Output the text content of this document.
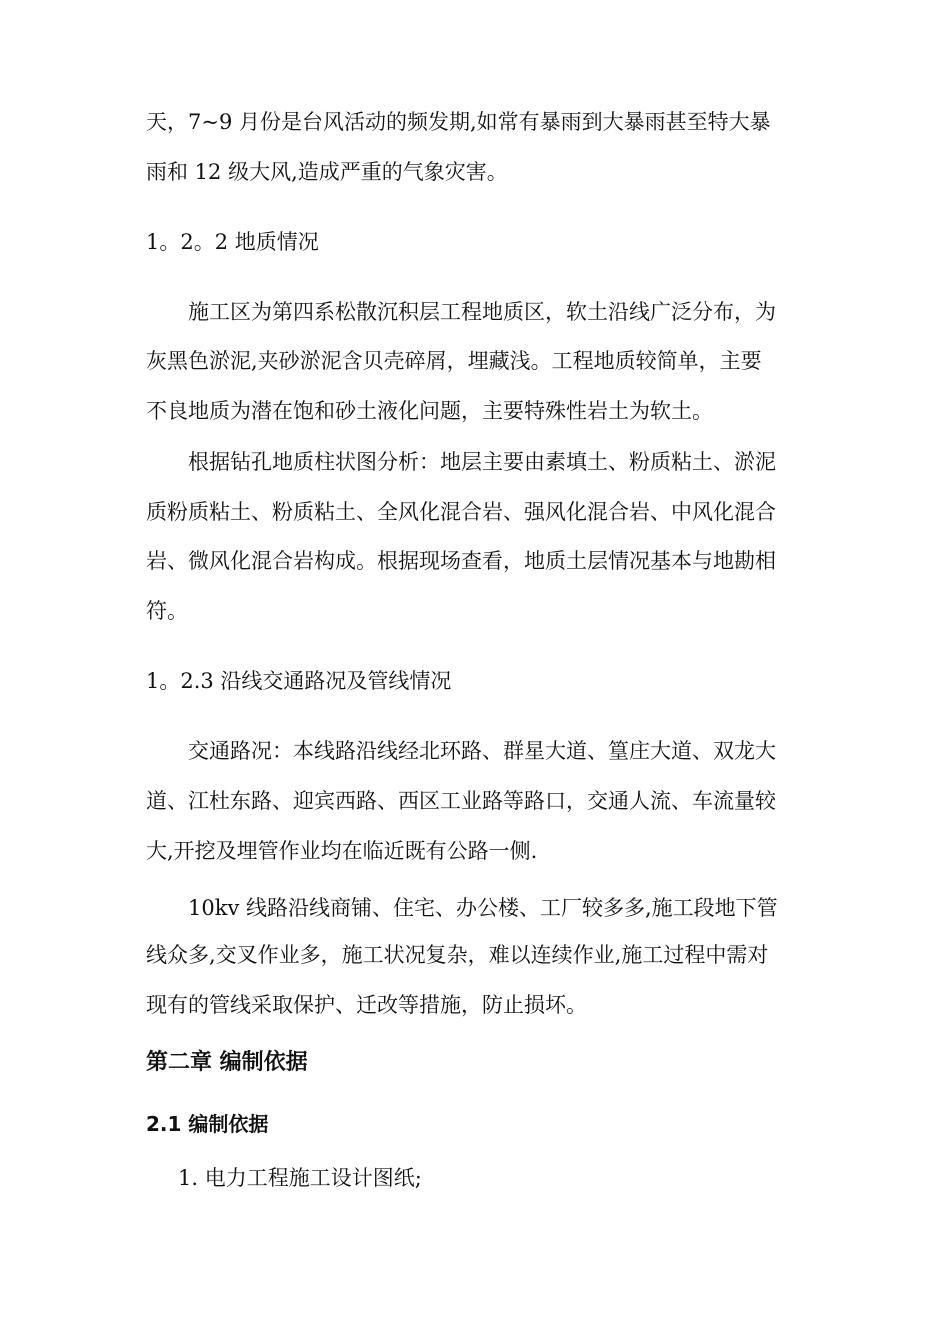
天，7~9 月份是台风活动的频发期,如常有暴雨到大暴雨甚至特大暴
雨和 12 级大风,造成严重的气象灾害。
1。2。2 地质情况
施工区为第四系松散沉积层工程地质区，软土沿线广泛分布，为
灰黑色淤泥,夹砂淤泥含贝壳碎屑，埋藏浅。工程地质较简单，主要
不良地质为潜在饱和砂土液化问题，主要特殊性岩土为软土。
根据钻孔地质柱状图分析：地层主要由素填土、粉质粘土、淤泥
质粉质粘土、粉质粘土、全风化混合岩、强风化混合岩、中风化混合
岩、微风化混合岩构成。根据现场查看，地质土层情况基本与地勘相
符。
1。2.3 沿线交通路况及管线情况
交通路况：本线路沿线经北环路、群星大道、篁庄大道、双龙大
道、江杜东路、迎宾西路、西区工业路等路口，交通人流、车流量较
大,开挖及埋管作业均在临近既有公路一侧.
10kv 线路沿线商铺、住宅、办公楼、工厂较多多,施工段地下管
线众多,交叉作业多，施工状况复杂，难以连续作业,施工过程中需对
现有的管线采取保护、迁改等措施，防止损坏。
第二章 编制依据
2.1 编制依据
1. 电力工程施工设计图纸;
